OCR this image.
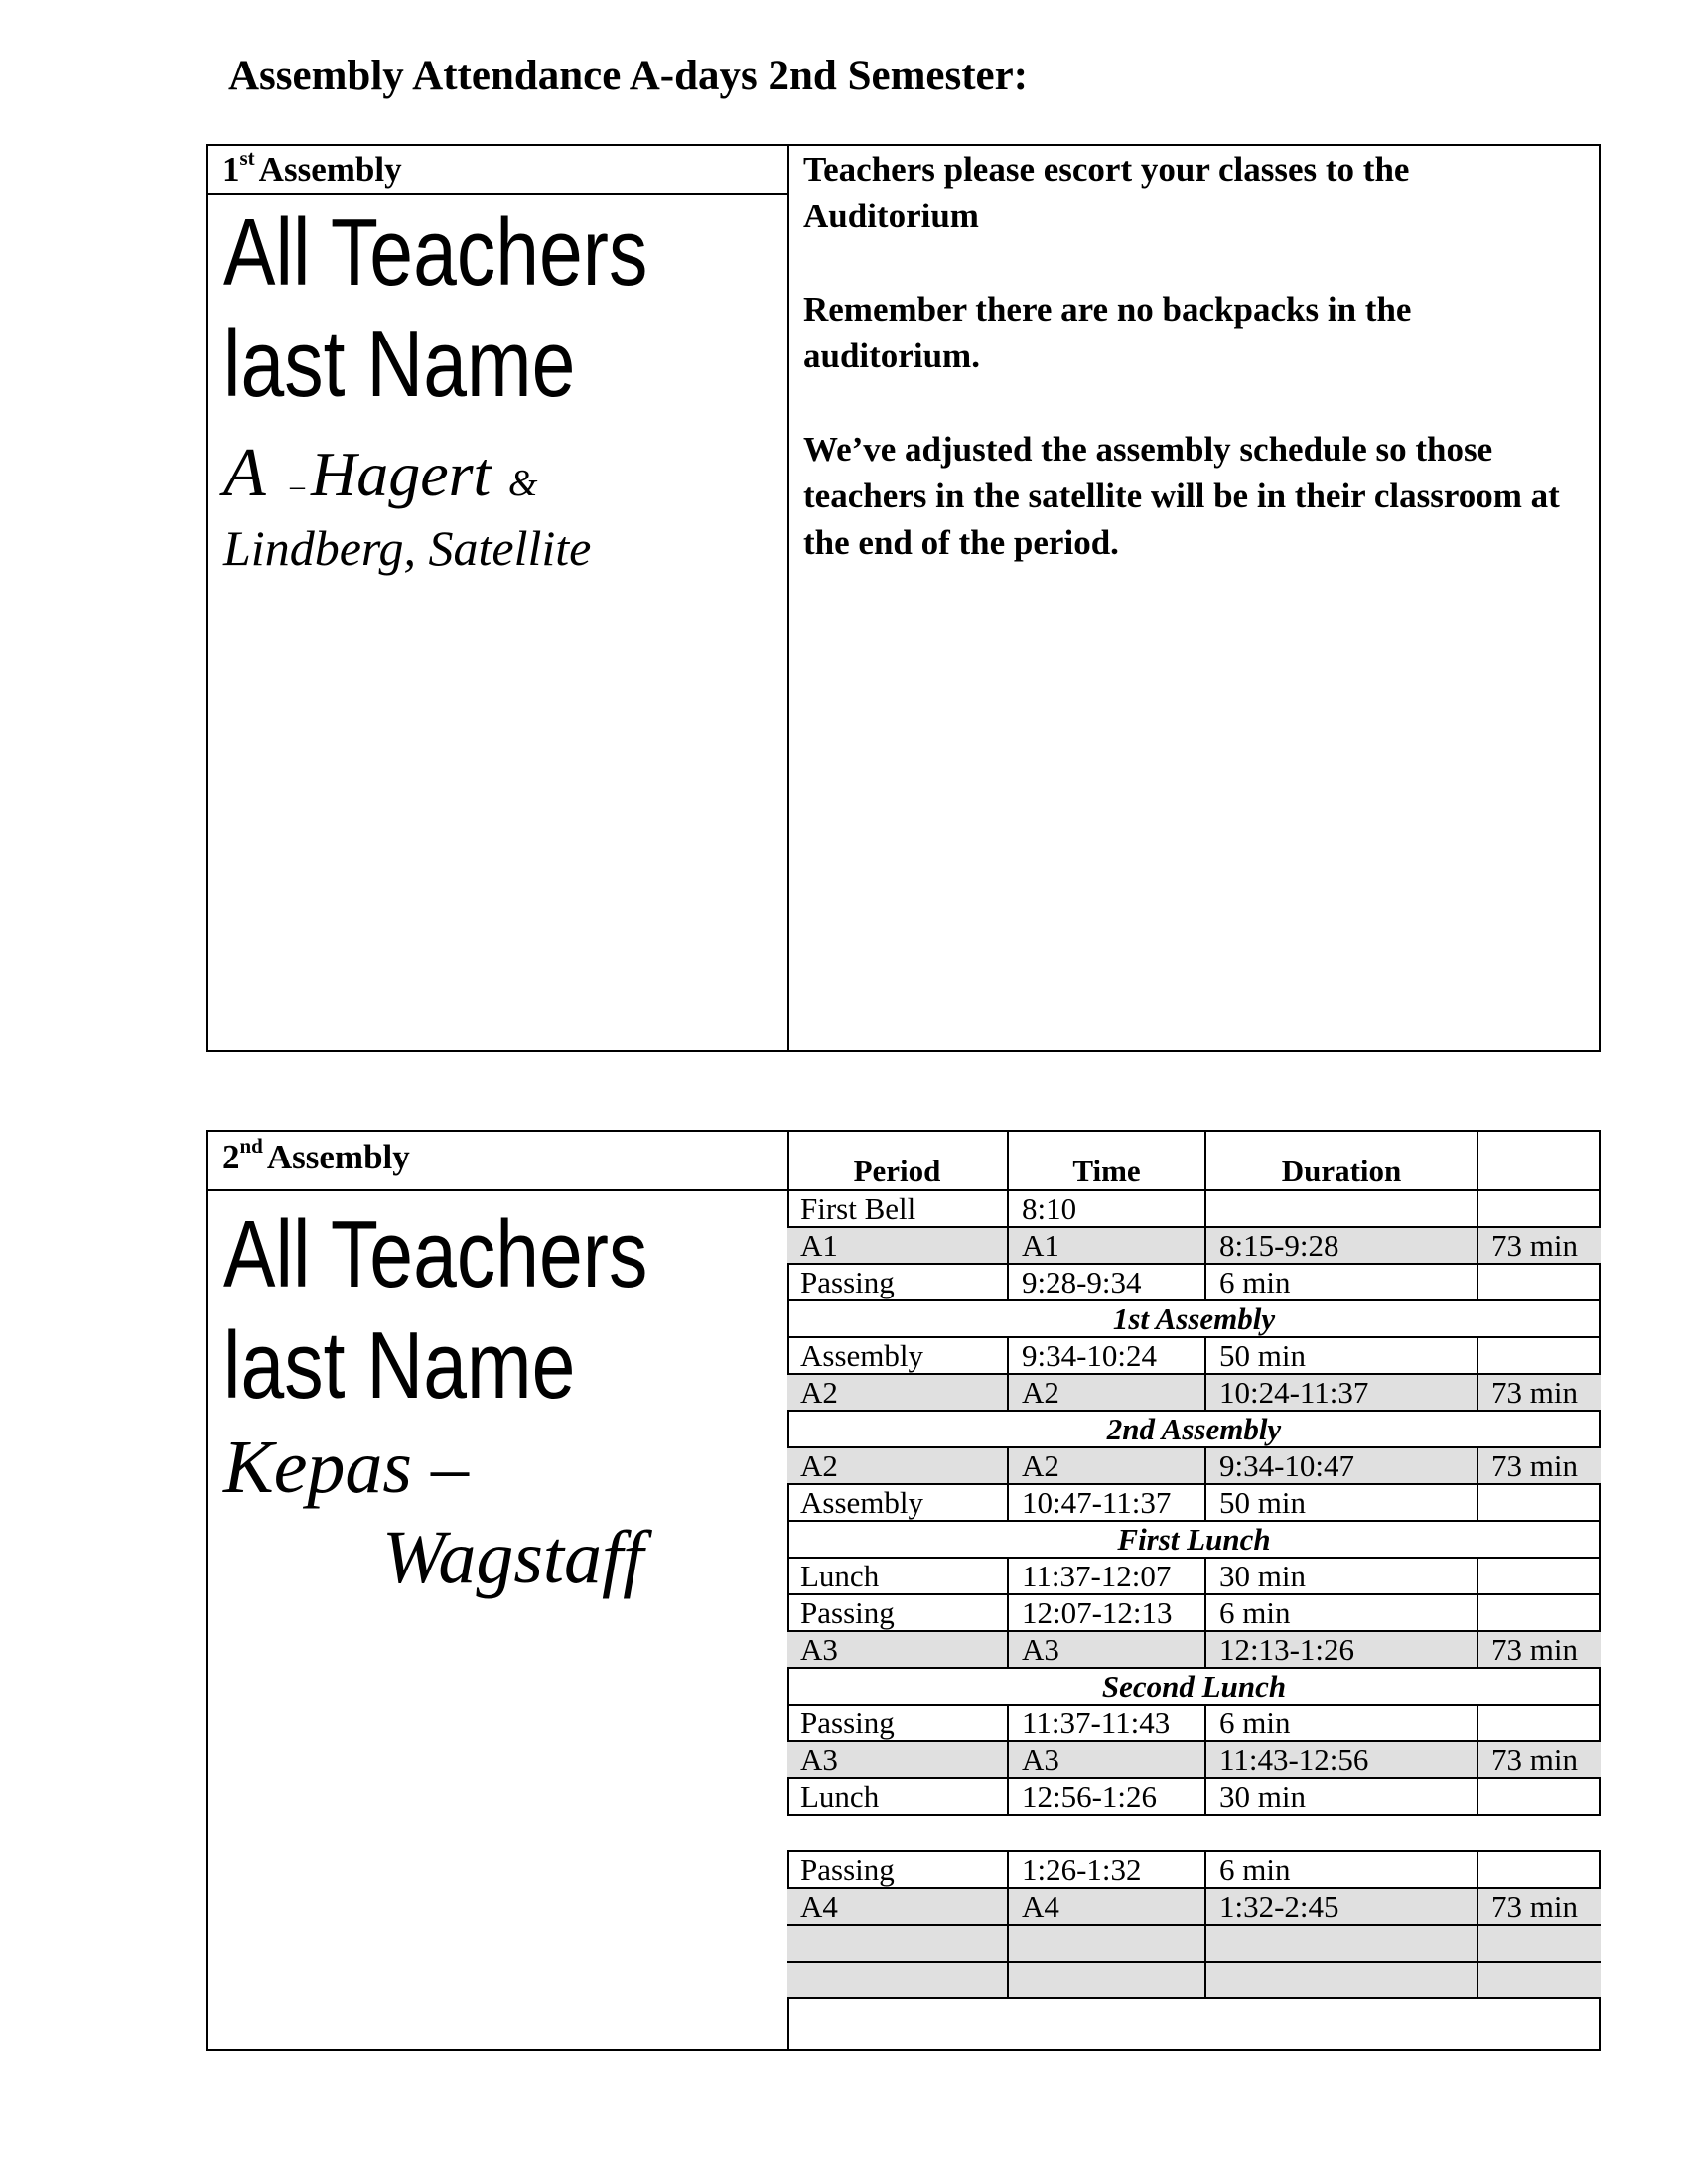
Assembly Attendance A-days 2nd Semester:
1st Assembly
All Teachers
last Name
A –Hagert &
Lindberg, Satellite

Teachers please escort your classes to the Auditorium

Remember there are no backpacks in the auditorium.

We’ve adjusted the assembly schedule so those teachers in the satellite will be in their classroom at the end of the period.

2nd Assembly
All Teachers
last Name
Kepas –
Wagstaff
Period	Time	Duration	
First Bell	8:10		
A1	A1	8:15-9:28	73 min
Passing	9:28-9:34	6 min	
1st Assembly			
Assembly	9:34-10:24	50 min	
A2	A2	10:24-11:37	73 min
2nd Assembly			
A2	A2	9:34-10:47	73 min
Assembly	10:47-11:37	50 min	
First Lunch			
Lunch	11:37-12:07	30 min	
Passing	12:07-12:13	6 min	
A3	A3	12:13-1:26	73 min
Second Lunch			
Passing	11:37-11:43	6 min	
A3	A3	11:43-12:56	73 min
Lunch	12:56-1:26	30 min	

Passing	1:26-1:32	6 min	
A4	A4	1:32-2:45	73 min
